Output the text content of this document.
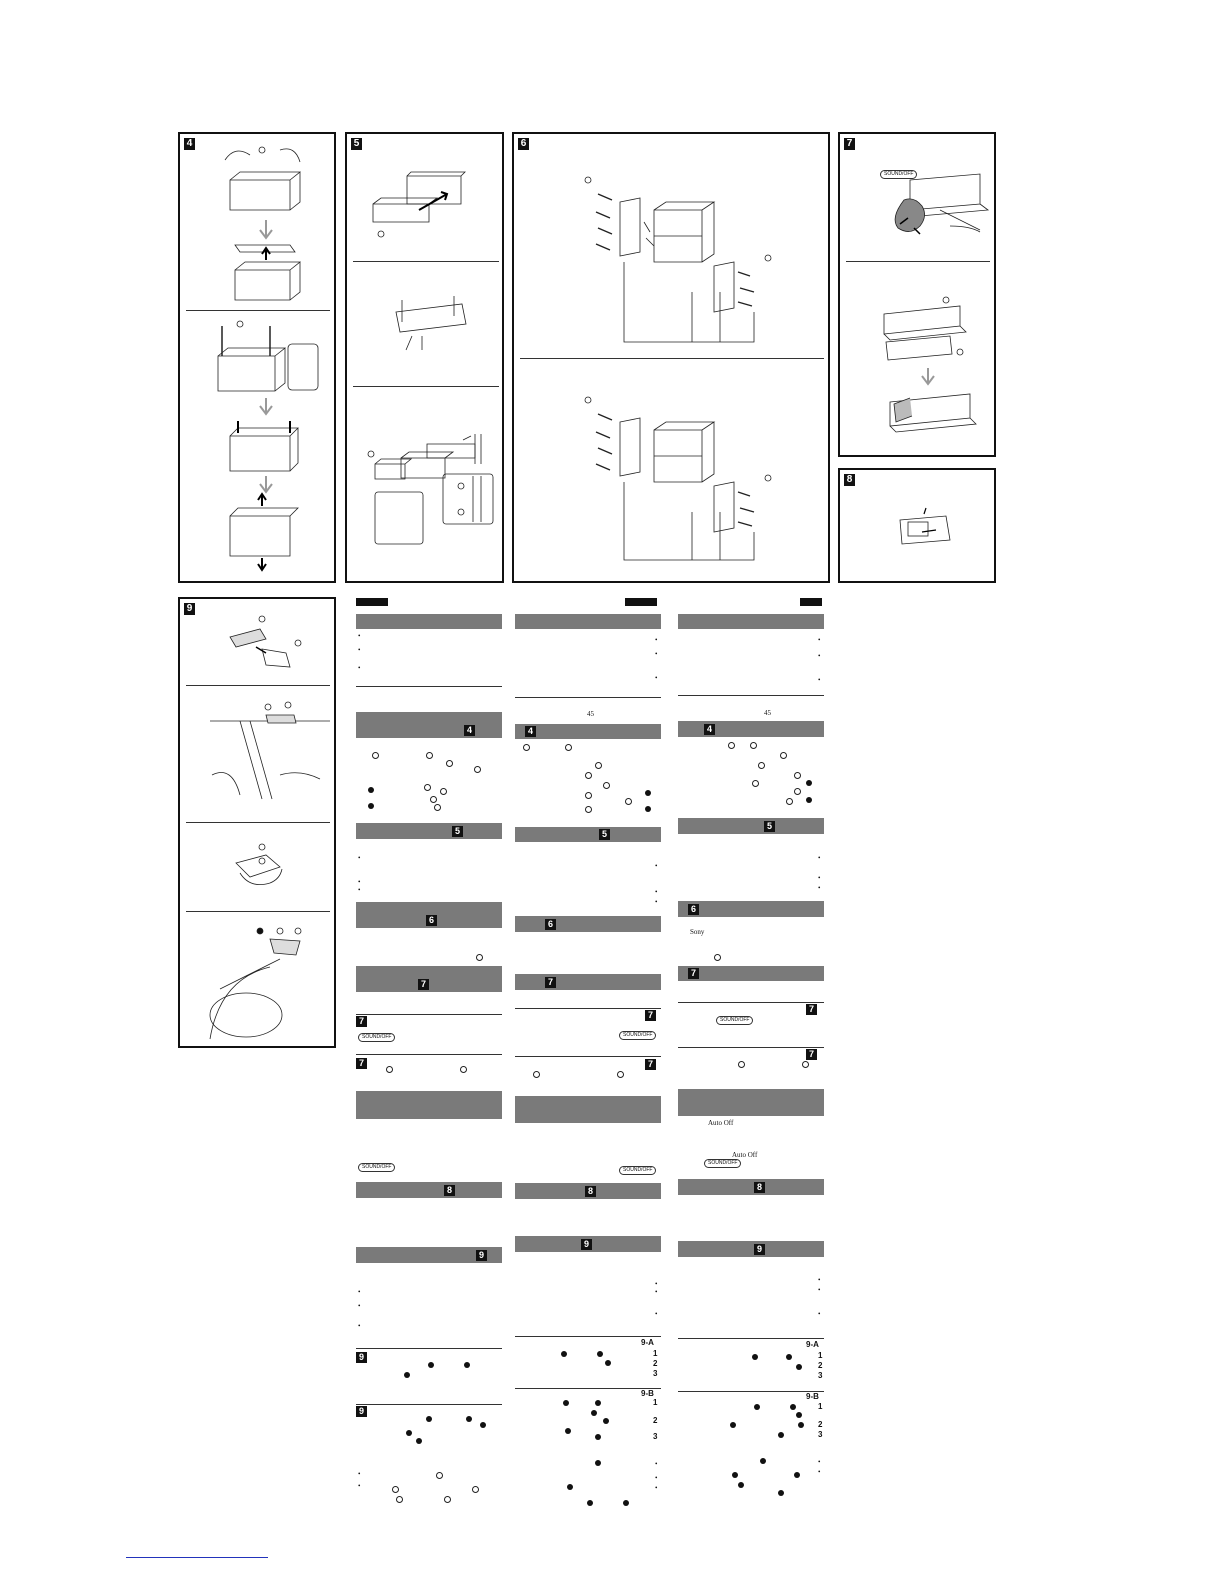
4	5	6	7
SOUND/OFF
8
9
•
•
•
4
5
•
•
•
6
7
7
SOUND/OFF
7
SOUND/OFF
8
9
•
•
•
9
9
•
•
•
•
•
45
4
5
•
•
•
6
7
7
SOUND/OFF
7
SOUND/OFF
8
9
•
•
•
9-A
1
2
3
9-B
1
2
3
•
•
•
•
•
•
45
4
5
•
•
•
6
Sony
7
7
SOUND/OFF
7
Auto Off
Auto Off
SOUND/OFF
8
9
•
•
•
9-A
1
2
3
9-B
1
2
3
•
•
